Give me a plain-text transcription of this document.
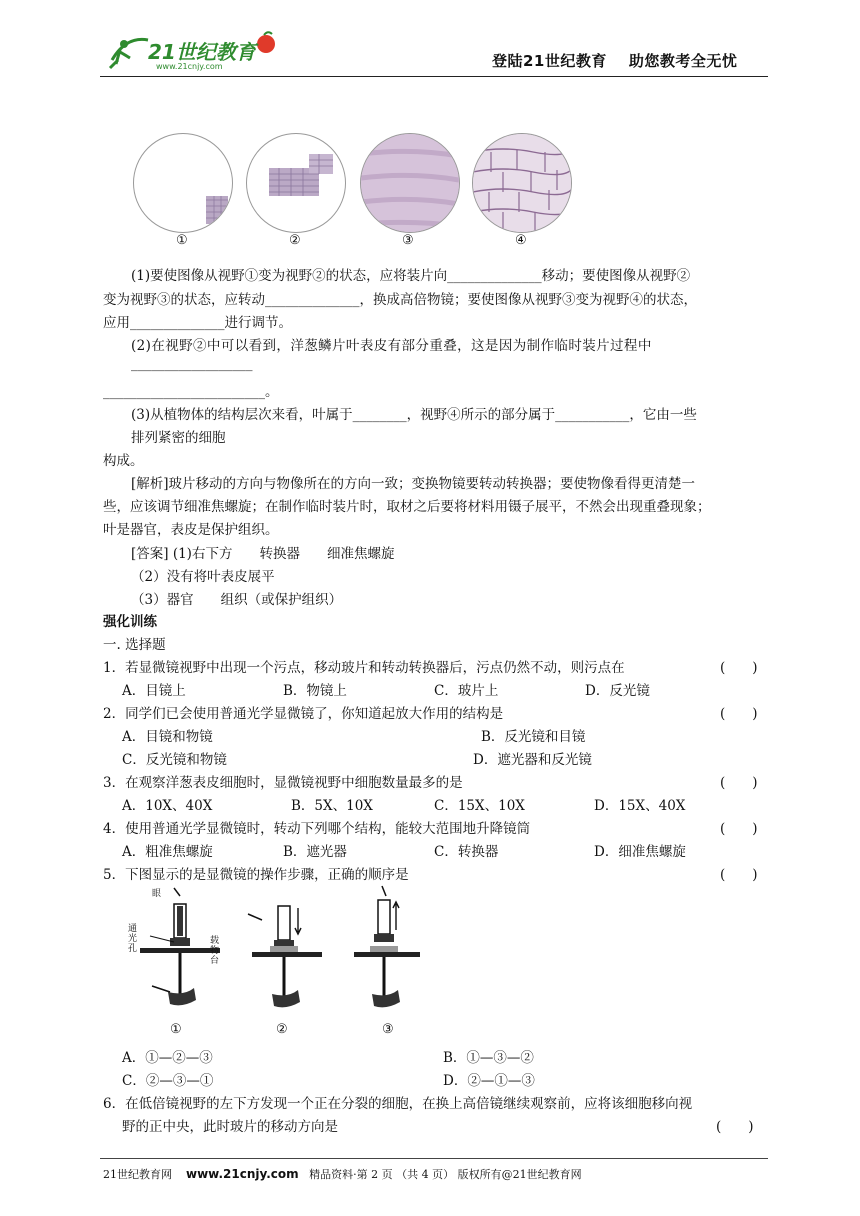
21世纪教育
www.21cnjy.com	登陆21世纪教育 助您教考全无忧
①	②	③	④
(1)要使图像从视野①变为视野②的状态，应将装片向______________移动；要使图像从视野②
变为视野③的状态，应转动______________，换成高倍物镜；要使图像从视野③变为视野④的状态，
应用______________进行调节。
(2)在视野②中可以看到，洋葱鳞片叶表皮有部分重叠，这是因为制作临时装片过程中
__________________
________________________。
(3)从植物体的结构层次来看，叶属于________，视野④所示的部分属于___________，它由一些
排列紧密的细胞
构成。
[解析]玻片移动的方向与物像所在的方向一致；变换物镜要转动转换器；要使物像看得更清楚一
些，应该调节细准焦螺旋；在制作临时装片时，取材之后要将材料用镊子展平，不然会出现重叠现象；
叶是器官，表皮是保护组织。
[答案] (1)右下方　　转换器　　细准焦螺旋
（2）没有将叶表皮展平
（3）器官　　组织（或保护组织）
强化训练
一. 选择题
1．若显微镜视野中出现一个污点，移动玻片和转动转换器后，污点仍然不动，则污点在	(　　)
A．目镜上	B．物镜上	C．玻片上	D．反光镜
2．同学们已会使用普通光学显微镜了，你知道起放大作用的结构是	(　　)
A．目镜和物镜	B．反光镜和目镜
C．反光镜和物镜	D．遮光器和反光镜
3．在观察洋葱表皮细胞时，显微镜视野中细胞数量最多的是	(　　)
A．10X、40X	B．5X、10X	C．15X、10X	D．15X、40X
4．使用普通光学显微镜时，转动下列哪个结构，能较大范围地升降镜筒	(　　)
A．粗准焦螺旋	B．遮光器	C．转换器	D．细准焦螺旋
5．下图显示的是显微镜的操作步骤，正确的顺序是	(　　)
眼
通光孔
载物台
①	②	③
A．①—②—③	B．①—③—②
C．②—③—①	D．②—①—③
6．在低倍镜视野的左下方发现一个正在分裂的细胞，在换上高倍镜继续观察前，应将该细胞移向视
野的正中央，此时玻片的移动方向是	(　　)
21世纪教育网 www.21cnjy.com 精品资料·第 2 页 （共 4 页） 版权所有@21世纪教育网
